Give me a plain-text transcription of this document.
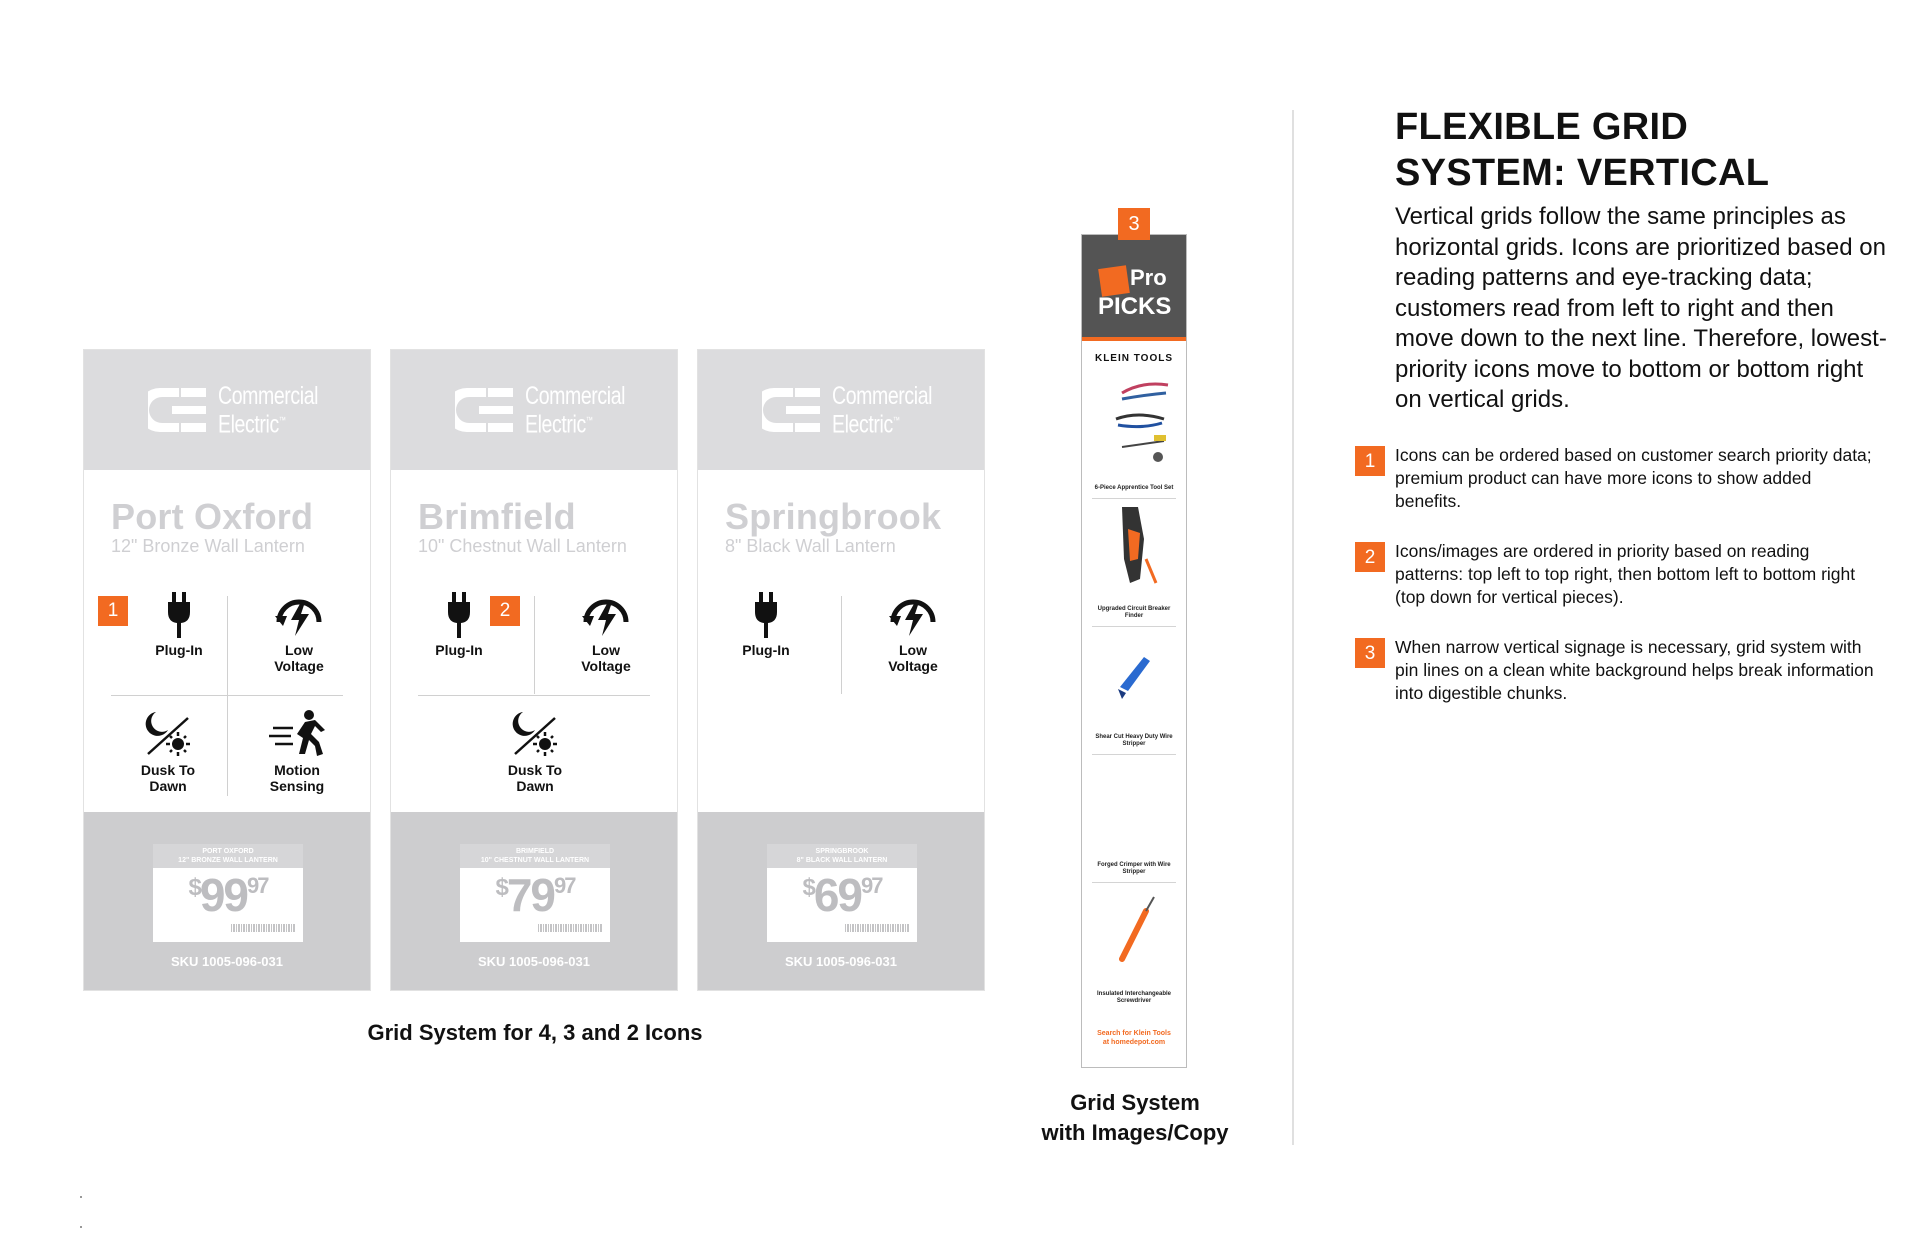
Commercial
Electric™
Port Oxford
12" Bronze Wall Lantern
1
Plug-In	Low
Voltage
Dusk To
Dawn
Motion
Sensing
PORT OXFORD
12" BRONZE WALL LANTERN
$^{\$}99^{97}$
SKU 1005-096-031
Commercial
Electric™
Brimfield
10" Chestnut Wall Lantern
2
Plug-In	Low
Voltage
Dusk To
Dawn
BRIMFIELD
10" CHESTNUT WALL LANTERN
$^{\$}79^{97}$
SKU 1005-096-031
Commercial
Electric™
Springbrook
8" Black Wall Lantern
Plug-In	Low
Voltage
SPRINGBROOK
8" BLACK WALL LANTERN
$^{\$}69^{97}$
SKU 1005-096-031
Grid System for 4, 3 and 2 Icons
Pro
PICKS
KLEIN TOOLS
6-Piece Apprentice Tool Set
Upgraded Circuit Breaker Finder
Shear Cut Heavy Duty Wire Stripper
Forged Crimper with Wire Stripper
Insulated Interchangeable Screwdriver
Search for Klein Tools
at homedepot.com
3
Grid System
with Images/Copy
FLEXIBLE GRID SYSTEM: VERTICAL
Vertical grids follow the same principles as horizontal grids. Icons are prioritized based on reading patterns and eye-tracking data; customers read from left to right and then move down to the next line. Therefore, lowest-priority icons move to bottom or bottom right on vertical grids.
1	Icons can be ordered based on customer search priority data; premium product can have more icons to show added benefits.
2	Icons/images are ordered in priority based on reading patterns: top left to top right, then bottom left to bottom right (top down for vertical pieces).
3	When narrow vertical signage is necessary, grid system with pin lines on a clean white background helps break information into digestible chunks.
